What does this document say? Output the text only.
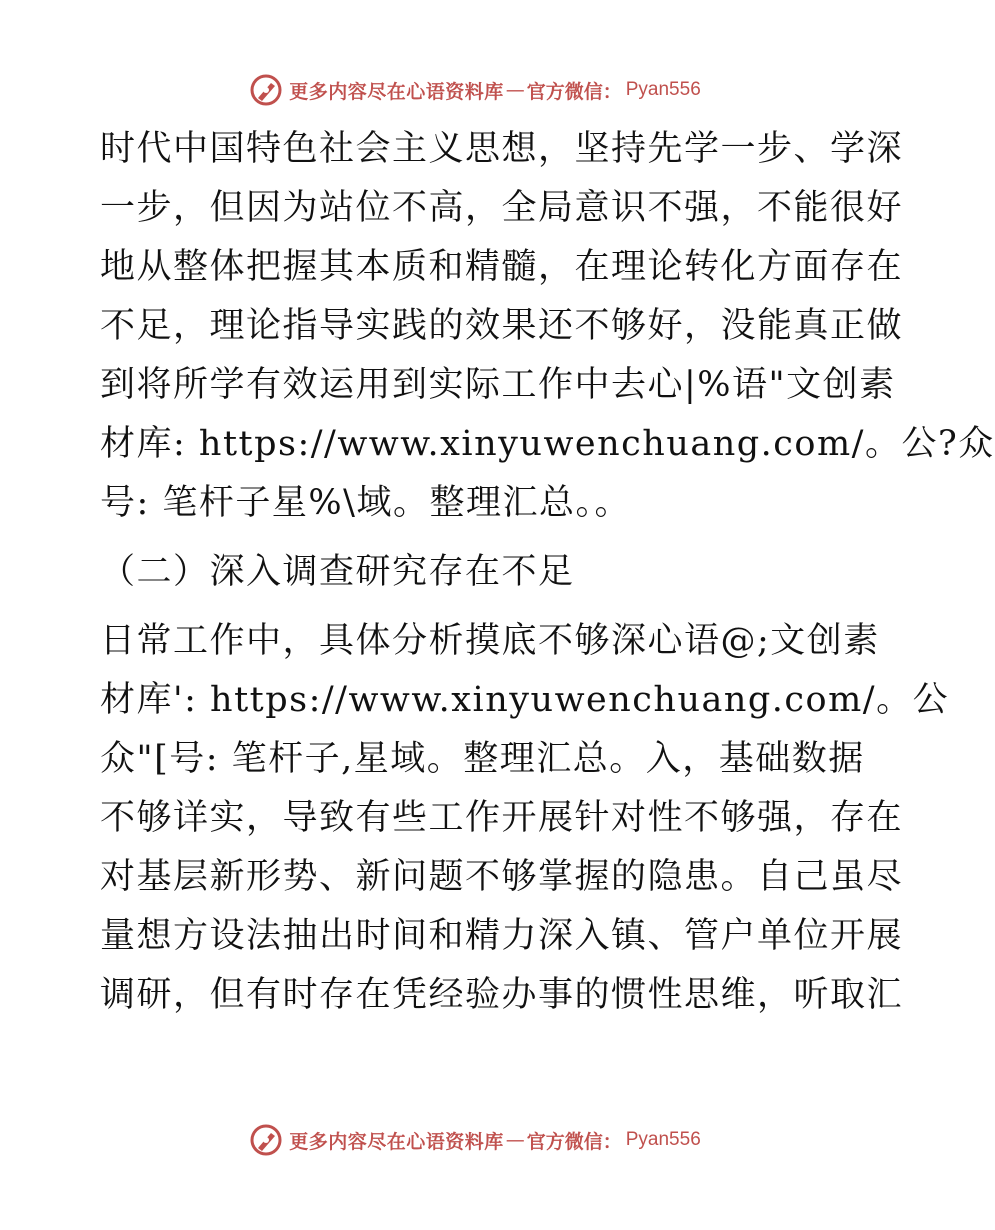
更多内容尽在心语资料库 — 官方微信： Pyan556
时代中国特色社会主义思想，坚持先学一步、学深
一步，但因为站位不高，全局意识不强，不能很好
地从整体把握其本质和精髓，在理论转化方面存在
不足，理论指导实践的效果还不够好，没能真正做
到将所学有效运用到实际工作中去心|%语"文创素
材库: https://www.xinyuwenchuang.com/。公?众
号: 笔杆子星%\域。整理汇总。。
（二）深入调查研究存在不足
日常工作中，具体分析摸底不够深心语@;文创素
材库': https://www.xinyuwenchuang.com/。公
众"[号: 笔杆子,星域。整理汇总。入，基础数据
不够详实，导致有些工作开展针对性不够强，存在
对基层新形势、新问题不够掌握的隐患。自己虽尽
量想方设法抽出时间和精力深入镇、管户单位开展
调研，但有时存在凭经验办事的惯性思维，听取汇
更多内容尽在心语资料库 — 官方微信： Pyan556
